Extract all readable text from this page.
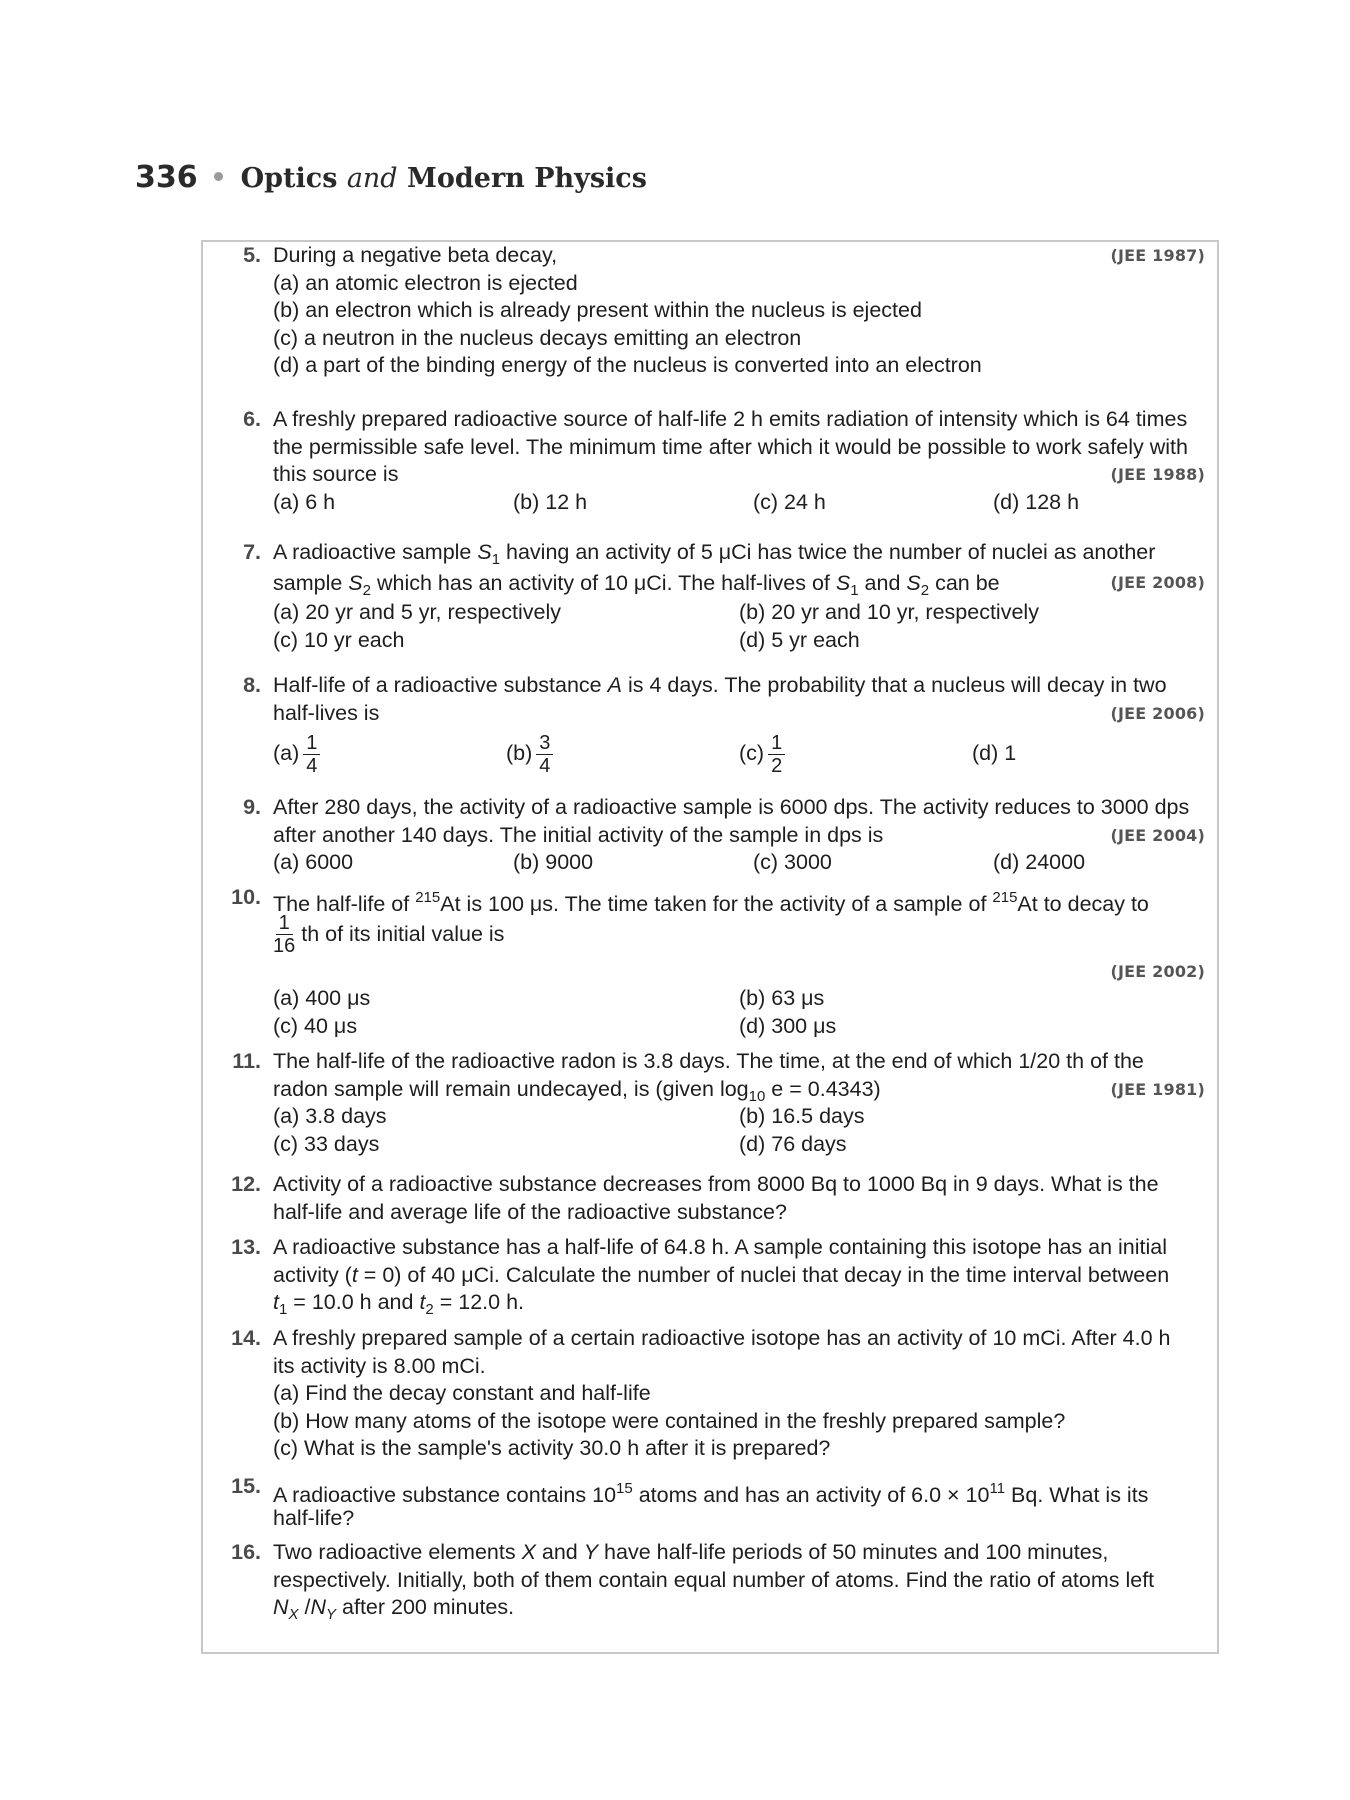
336 Optics and Modern Physics
5. During a negative beta decay,	(JEE 1987)
(a) an atomic electron is ejected
(b) an electron which is already present within the nucleus is ejected
(c) a neutron in the nucleus decays emitting an electron
(d) a part of the binding energy of the nucleus is converted into an electron
6. A freshly prepared radioactive source of half-life 2 h emits radiation of intensity which is 64 times
the permissible safe level. The minimum time after which it would be possible to work safely with
this source is	(JEE 1988)
(a) 6 h	(b) 12 h	(c) 24 h	(d) 128 h
7. A radioactive sample $S_1$ having an activity of 5 μCi has twice the number of nuclei as another
sample $S_2$ which has an activity of 10 μCi. The half-lives of $S_1$ and $S_2$ can be	(JEE 2008)
(a) 20 yr and 5 yr, respectively	(b) 20 yr and 10 yr, respectively
(c) 10 yr each	(d) 5 yr each
8. Half-life of a radioactive substance A is 4 days. The probability that a nucleus will decay in two
half-lives is	(JEE 2006)
$(a) \frac{1}{4}$	$(b) \frac{3}{4}$	$(c) \frac{1}{2}$	(d) 1
9. After 280 days, the activity of a radioactive sample is 6000 dps. The activity reduces to 3000 dps
after another 140 days. The initial activity of the sample in dps is	(JEE 2004)
(a) 6000	(b) 9000	(c) 3000	(d) 24000
10. The half-life of $^{215}$At is 100 μs. The time taken for the activity of a sample of $^{215}$At to decay to
$\frac{1}{16}$ th of its initial value is
(JEE 2002)
(a) 400 μs	(b) 63 μs
(c) 40 μs	(d) 300 μs
11. The half-life of the radioactive radon is 3.8 days. The time, at the end of which 1/20 th of the
radon sample will remain undecayed, is (given $\log_{10} e = 0.4343$)	(JEE 1981)
(a) 3.8 days	(b) 16.5 days
(c) 33 days	(d) 76 days
12. Activity of a radioactive substance decreases from 8000 Bq to 1000 Bq in 9 days. What is the
half-life and average life of the radioactive substance?
13. A radioactive substance has a half-life of 64.8 h. A sample containing this isotope has an initial
activity (t = 0) of 40 μCi. Calculate the number of nuclei that decay in the time interval between
$t_1 = 10.0$ h and $t_2 = 12.0$ h.
14. A freshly prepared sample of a certain radioactive isotope has an activity of 10 mCi. After 4.0 h
its activity is 8.00 mCi.
(a) Find the decay constant and half-life
(b) How many atoms of the isotope were contained in the freshly prepared sample?
(c) What is the sample's activity 30.0 h after it is prepared?
15. A radioactive substance contains $10^{15}$ atoms and has an activity of $6.0 \times 10^{11}$ Bq. What is its
half-life?
16. Two radioactive elements X and Y have half-life periods of 50 minutes and 100 minutes,
respectively. Initially, both of them contain equal number of atoms. Find the ratio of atoms left
$N_X$ $/N_Y$ after 200 minutes.
